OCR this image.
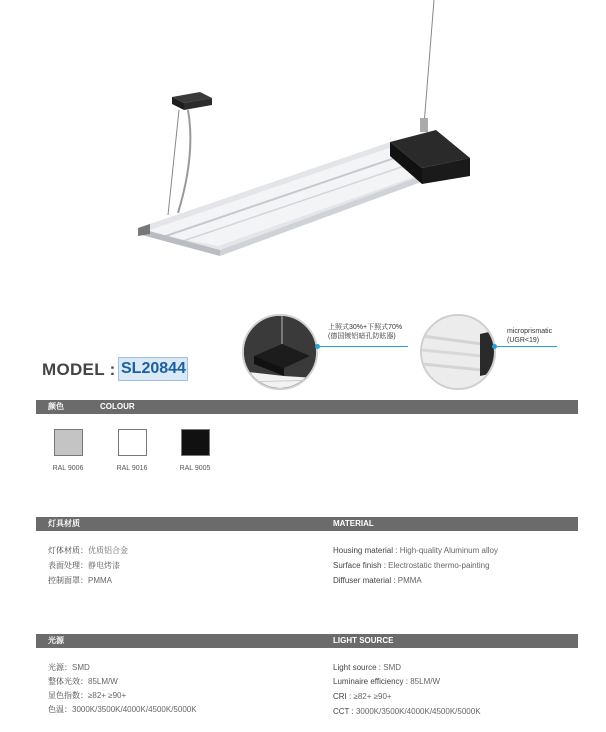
上照式30%+下照式70%
(德国镀铝暗孔防眩器)
microprismatic
(UGR<19)
MODEL : SL20844
颜色	COLOUR
RAL 9006	RAL 9016	RAL 9005
灯具材质	MATERIAL
灯体材质：优质铝合金
表面处理：静电烤漆
控制面罩：PMMA
Housing material : High-quality Aluminum alloy
Surface finish : Electrostatic thermo-painting
Diffuser material : PMMA
光源	LIGHT SOURCE
光源：SMD
整体光效：85LM/W
显色指数：≥82+ ≥90+
色温：3000K/3500K/4000K/4500K/5000K
Light source : SMD
Luminaire efficiency : 85LM/W
CRI : ≥82+ ≥90+
CCT : 3000K/3500K/4000K/4500K/5000K
